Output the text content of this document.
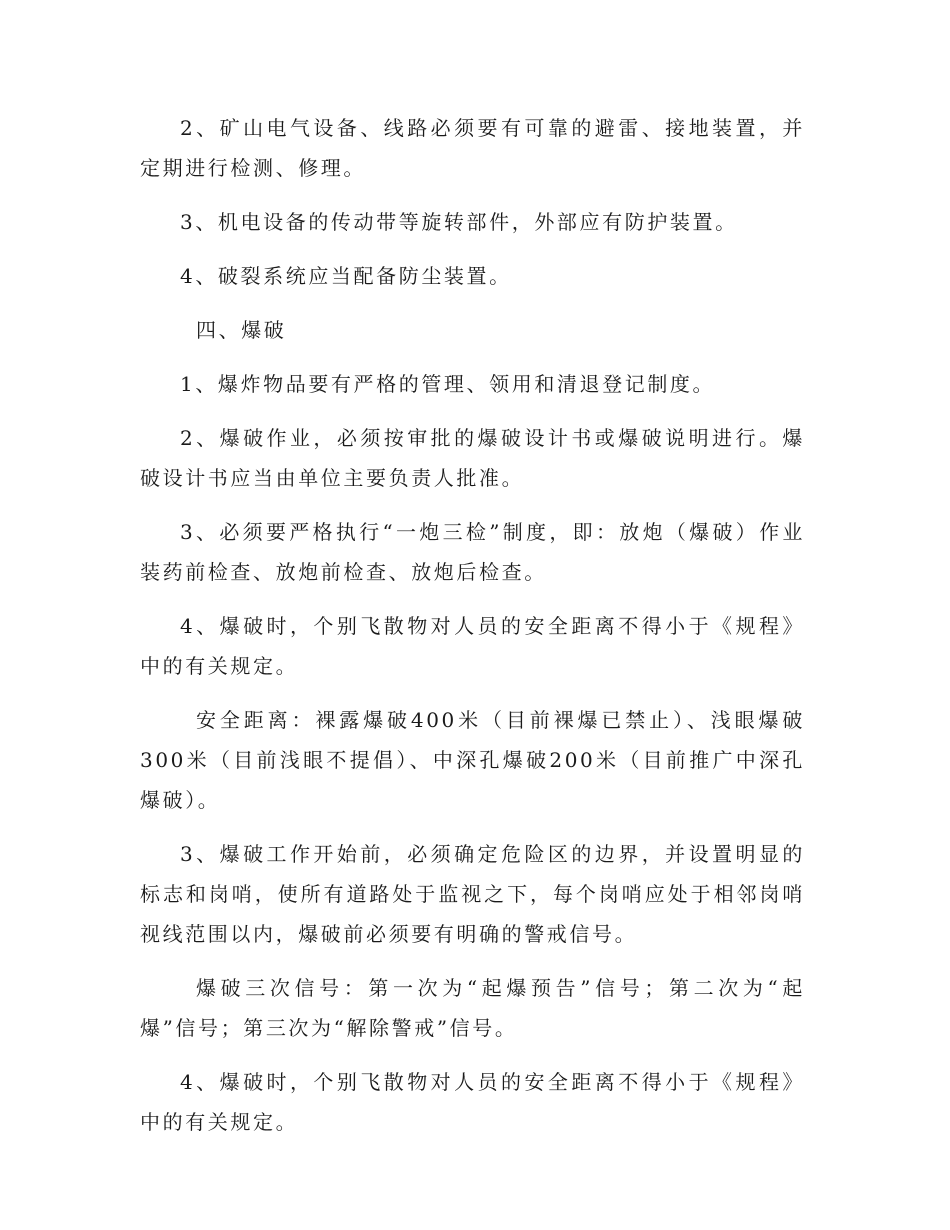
2、矿山电气设备、线路必须要有可靠的避雷、接地装置，并定期进行检测、修理。

3、机电设备的传动带等旋转部件，外部应有防护装置。

4、破裂系统应当配备防尘装置。

四、爆破

1、爆炸物品要有严格的管理、领用和清退登记制度。

2、爆破作业，必须按审批的爆破设计书或爆破说明进行。爆破设计书应当由单位主要负责人批准。

3、必须要严格执行“一炮三检”制度，即：放炮（爆破）作业装药前检查、放炮前检查、放炮后检查。

4、爆破时，个别飞散物对人员的安全距离不得小于《规程》中的有关规定。

安全距离：裸露爆破400米（目前裸爆已禁止）、浅眼爆破300米（目前浅眼不提倡）、中深孔爆破200米（目前推广中深孔爆破）。

3、爆破工作开始前，必须确定危险区的边界，并设置明显的标志和岗哨，使所有道路处于监视之下，每个岗哨应处于相邻岗哨视线范围以内，爆破前必须要有明确的警戒信号。

爆破三次信号：第一次为“起爆预告”信号；第二次为“起爆”信号；第三次为“解除警戒”信号。

4、爆破时，个别飞散物对人员的安全距离不得小于《规程》中的有关规定。
